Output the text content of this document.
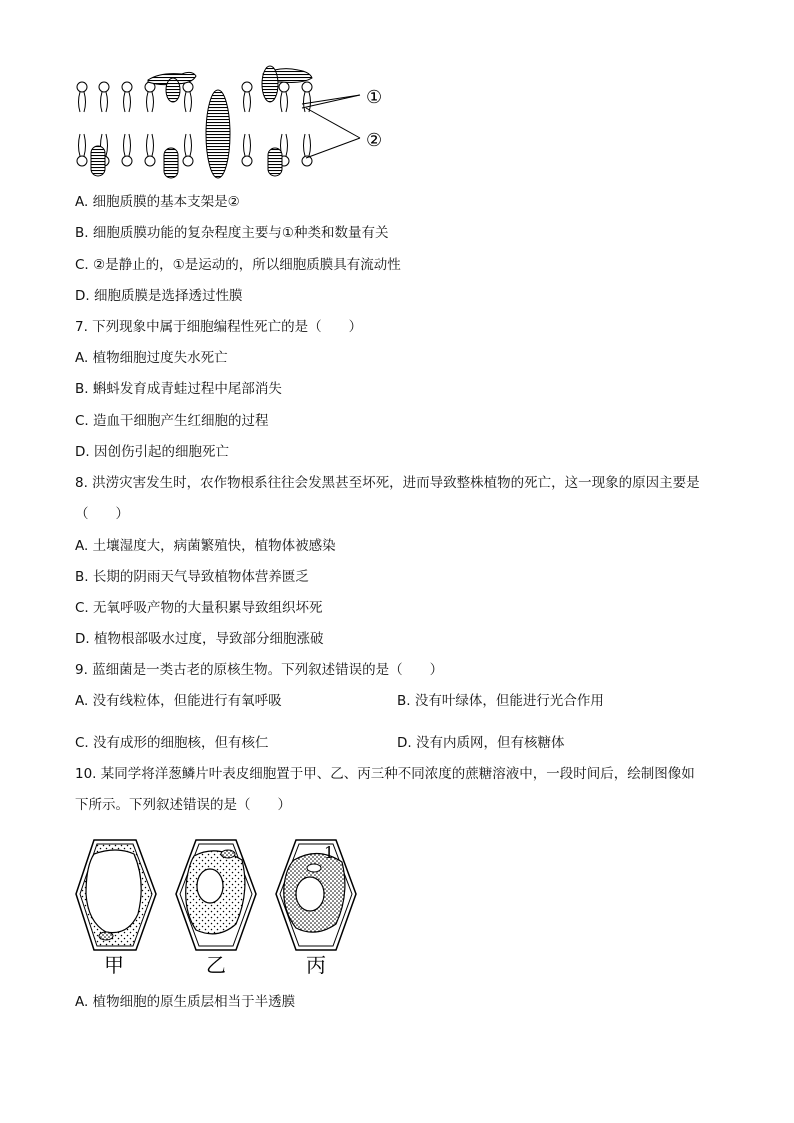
①
②
A. 细胞质膜的基本支架是②
B. 细胞质膜功能的复杂程度主要与①种类和数量有关
C. ②是静止的，①是运动的，所以细胞质膜具有流动性
D. 细胞质膜是选择透过性膜
7. 下列现象中属于细胞编程性死亡的是（　　）
A. 植物细胞过度失水死亡
B. 蝌蚪发育成青蛙过程中尾部消失
C. 造血干细胞产生红细胞的过程
D. 因创伤引起的细胞死亡
8. 洪涝灾害发生时，农作物根系往往会发黑甚至坏死，进而导致整株植物的死亡，这一现象的原因主要是
（　　）
A. 土壤湿度大，病菌繁殖快，植物体被感染
B. 长期的阴雨天气导致植物体营养匮乏
C. 无氧呼吸产物的大量积累导致组织坏死
D. 植物根部吸水过度，导致部分细胞涨破
9. 蓝细菌是一类古老的原核生物。下列叙述错误的是（　　）
A. 没有线粒体，但能进行有氧呼吸	B. 没有叶绿体，但能进行光合作用
C. 没有成形的细胞核，但有核仁	D. 没有内质网，但有核糖体
10. 某同学将洋葱鳞片叶表皮细胞置于甲、乙、丙三种不同浓度的蔗糖溶液中，一段时间后，绘制图像如
下所示。下列叙述错误的是（　　）
1
甲	乙	丙
A. 植物细胞的原生质层相当于半透膜
